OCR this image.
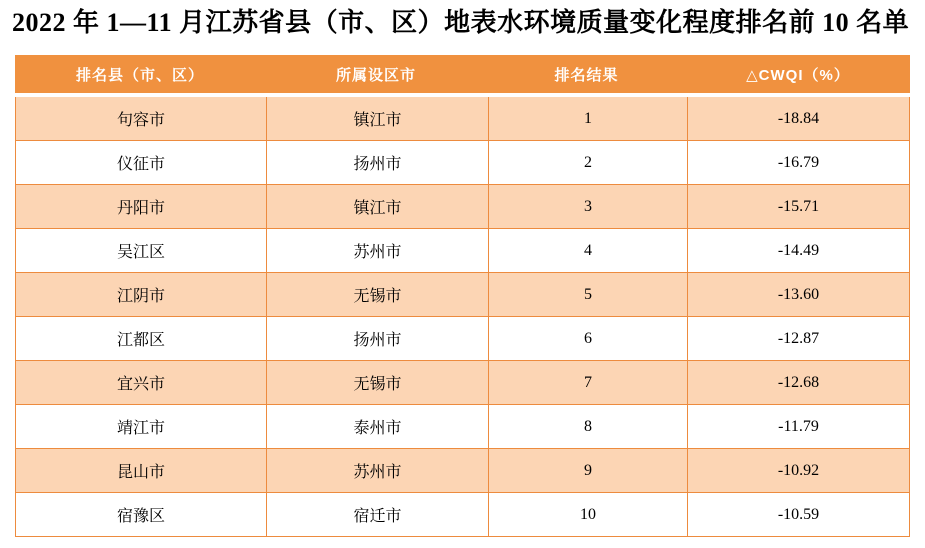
2022 年 1—11 月江苏省县（市、区）地表水环境质量变化程度排名前 10 名单
排名县（市、区）	所属设区市	排名结果	△CWQI（%）
句容市	镇江市	1	-18.84
仪征市	扬州市	2	-16.79
丹阳市	镇江市	3	-15.71
吴江区	苏州市	4	-14.49
江阴市	无锡市	5	-13.60
江都区	扬州市	6	-12.87
宜兴市	无锡市	7	-12.68
靖江市	泰州市	8	-11.79
昆山市	苏州市	9	-10.92
宿豫区	宿迁市	10	-10.59
